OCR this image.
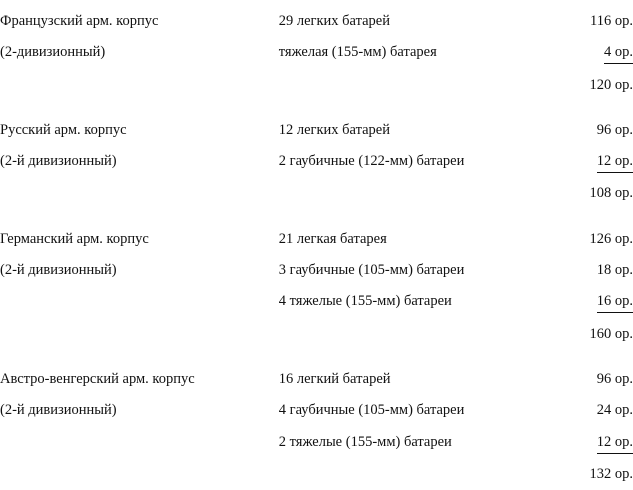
Французский арм. корпус	29 легких батарей	116 ор.
(2-дивизионный)	тяжелая (155-мм) батарея	4 ор.
		120 ор.

Русский арм. корпус	12 легких батарей	96 ор.
(2-й дивизионный)	2 гаубичные (122-мм) батареи	12 ор.
		108 ор.

Германский арм. корпус	21 легкая батарея	126 ор.
(2-й дивизионный)	3 гаубичные (105-мм) батареи	18 ор.
	4 тяжелые (155-мм) батареи	16 ор.
		160 ор.

Австро-венгерский арм. корпус	16 легкий батарей	96 ор.
(2-й дивизионный)	4 гаубичные (105-мм) батареи	24 ор.
	2 тяжелые (155-мм) батареи	12 ор.
		132 ор.
